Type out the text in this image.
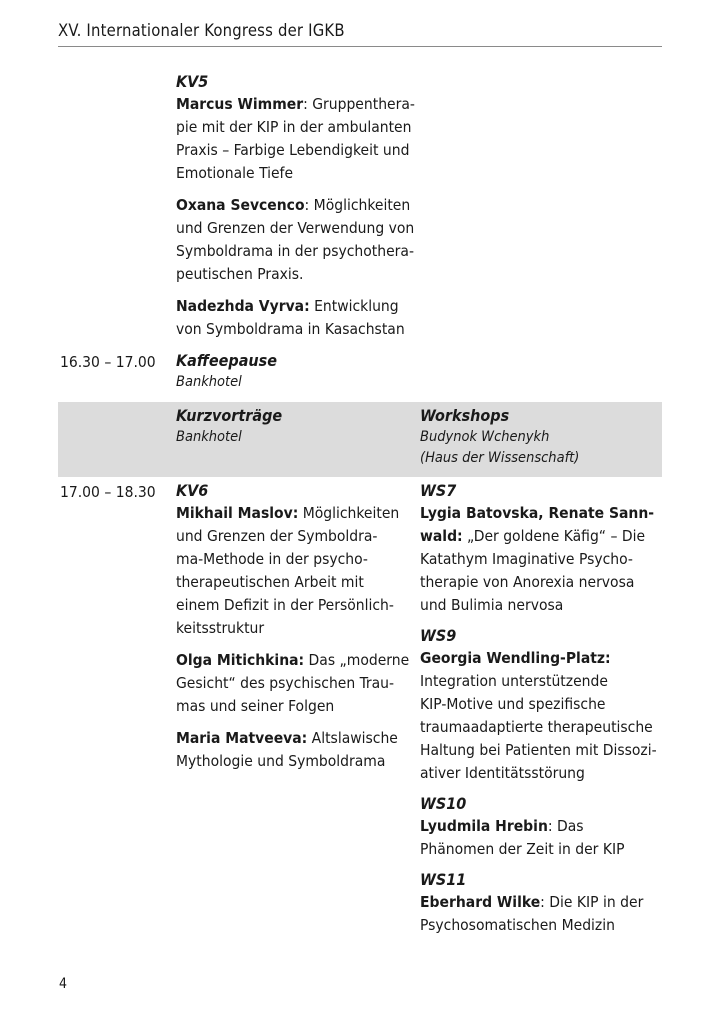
XV. Internationaler Kongress der IGKB
KV5
Marcus Wimmer: Gruppenthera-
pie mit der KIP in der ambulanten
Praxis – Farbige Lebendigkeit und
Emotionale Tiefe
Oxana Sevcenco: Möglichkeiten
und Grenzen der Verwendung von
Symboldrama in der psychothera-
peutischen Praxis.
Nadezhda Vyrva: Entwicklung
von Symboldrama in Kasachstan
16.30 – 17.00 Kaffeepause
Bankhotel
Kurzvorträge
Bankhotel
Workshops
Budynok Wchenykh
(Haus der Wissenschaft)
17.00 – 18.30 KV6
Mikhail Maslov: Möglichkeiten
und Grenzen der Symboldra-
ma-Methode in der psycho-
therapeutischen Arbeit mit
einem Defizit in der Persönlich-
keitsstruktur
Olga Mitichkina: Das „moderne
Gesicht“ des psychischen Trau-
mas und seiner Folgen
Maria Matveeva: Altslawische
Mythologie und Symboldrama
WS7
Lygia Batovska, Renate Sann-
wald: „Der goldene Käfig“ – Die
Katathym Imaginative Psycho-
therapie von Anorexia nervosa
und Bulimia nervosa
WS9
Georgia Wendling-Platz:
Integration unterstützende
KIP-Motive und spezifische
traumaadaptierte therapeutische
Haltung bei Patienten mit Dissozi-
ativer Identitätsstörung
WS10
Lyudmila Hrebin: Das
Phänomen der Zeit in der KIP
WS11
Eberhard Wilke: Die KIP in der
Psychosomatischen Medizin
4
